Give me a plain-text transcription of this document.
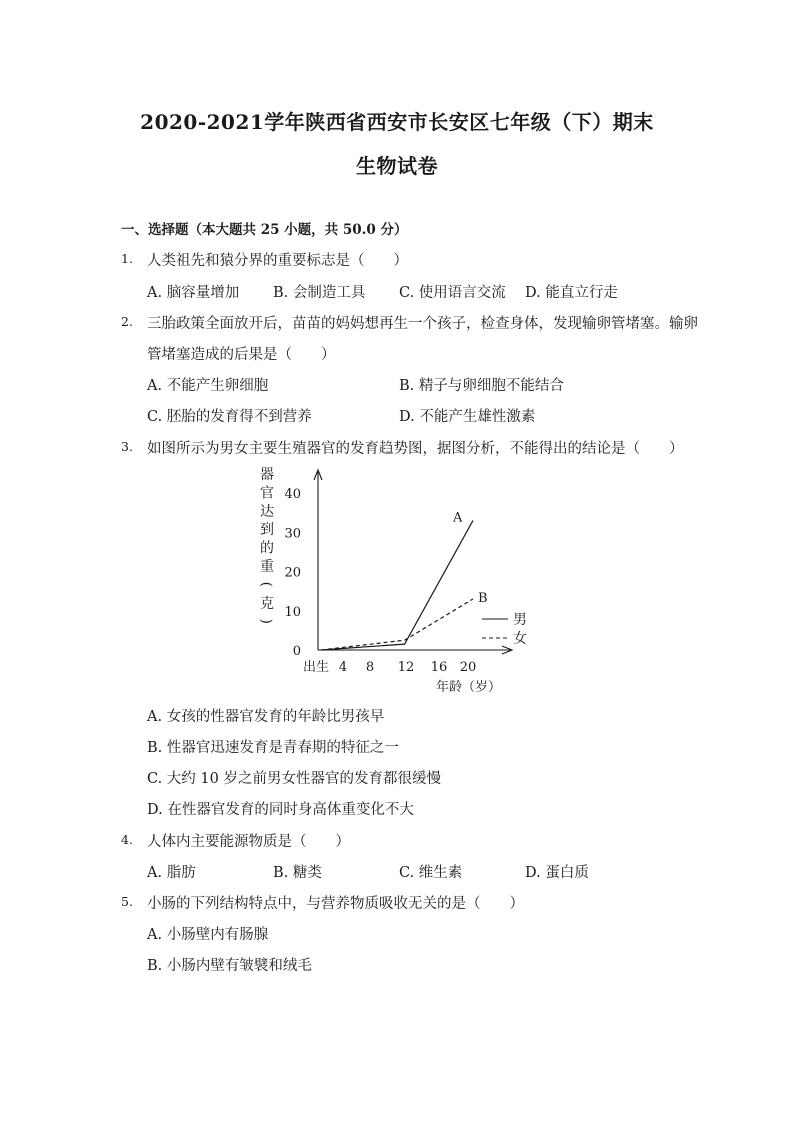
2020-2021学年陕西省西安市长安区七年级（下）期末
生物试卷
一、选择题（本大题共 25 小题，共 50.0 分）
1. 人类祖先和猿分界的重要标志是（　　）
A. 脑容量增加 B. 会制造工具 C. 使用语言交流 D. 能直立行走
2. 三胎政策全面放开后，苗苗的妈妈想再生一个孩子，检查身体，发现输卵管堵塞。输卵
管堵塞造成的后果是（　　）
A. 不能产生卵细胞	B. 精子与卵细胞不能结合
C. 胚胎的发育得不到营养	D. 不能产生雄性激素
3. 如图所示为男女主要生殖器官的发育趋势图，据图分析，不能得出的结论是（　　）
器
官
达
到
的
重
(
克
)
0
10
20
30
40
出生 4 8 12 16 20
A
B
男
女
年龄（岁）
A. 女孩的性器官发育的年龄比男孩早
B. 性器官迅速发育是青春期的特征之一
C. 大约 10 岁之前男女性器官的发育都很缓慢
D. 在性器官发育的同时身高体重变化不大
4. 人体内主要能源物质是（　　）
A. 脂肪	B. 糖类	C. 维生素	D. 蛋白质
5. 小肠的下列结构特点中，与营养物质吸收无关的是（　　）
A. 小肠壁内有肠腺
B. 小肠内壁有皱襞和绒毛
